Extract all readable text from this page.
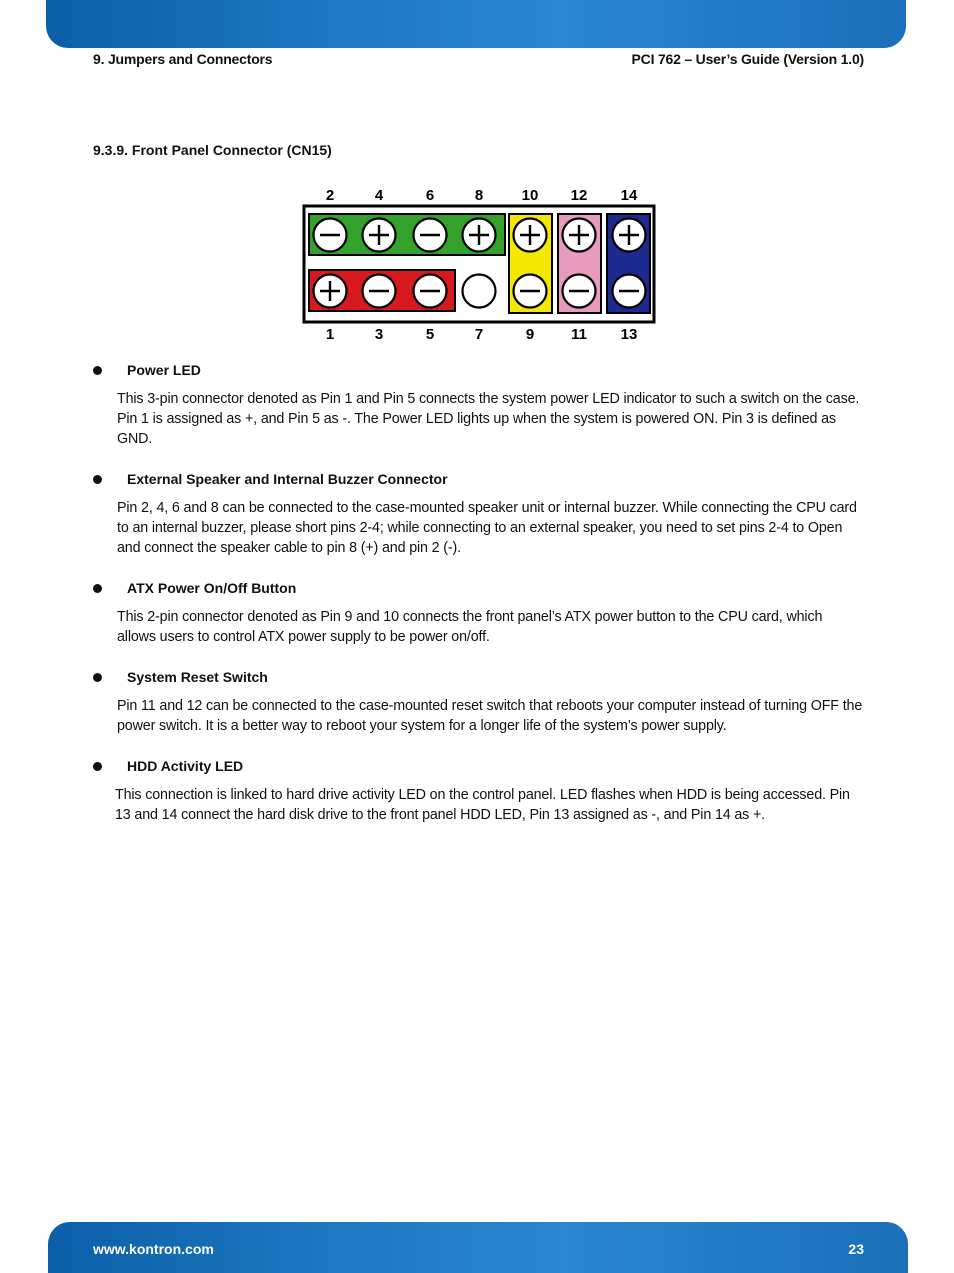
9. Jumpers and Connectors	PCI 762 – User’s Guide (Version 1.0)
9.3.9. Front Panel Connector (CN15)
2	4	6	8	10 12 14
1	3	5	7	9 11 13
Power LED
This 3-pin connector denoted as Pin 1 and Pin 5 connects the system power LED indicator to such a switch on the case. Pin 1 is assigned as +, and Pin 5 as -. The Power LED lights up when the system is powered ON. Pin 3 is defined as GND.
External Speaker and Internal Buzzer Connector
Pin 2, 4, 6 and 8 can be connected to the case-mounted speaker unit or internal buzzer. While connecting the CPU card to an internal buzzer, please short pins 2-4; while connecting to an external speaker, you need to set pins 2-4 to Open and connect the speaker cable to pin 8 (+) and pin 2 (-).
ATX Power On/Off Button
This 2-pin connector denoted as Pin 9 and 10 connects the front panel’s ATX power button to the CPU card, which allows users to control ATX power supply to be power on/off.
System Reset Switch
Pin 11 and 12 can be connected to the case-mounted reset switch that reboots your computer instead of turning OFF the power switch. It is a better way to reboot your system for a longer life of the system’s power supply.
HDD Activity LED
This connection is linked to hard drive activity LED on the control panel. LED flashes when HDD is being accessed. Pin 13 and 14 connect the hard disk drive to the front panel HDD LED, Pin 13 assigned as -, and Pin 14 as +.
www.kontron.com	23
